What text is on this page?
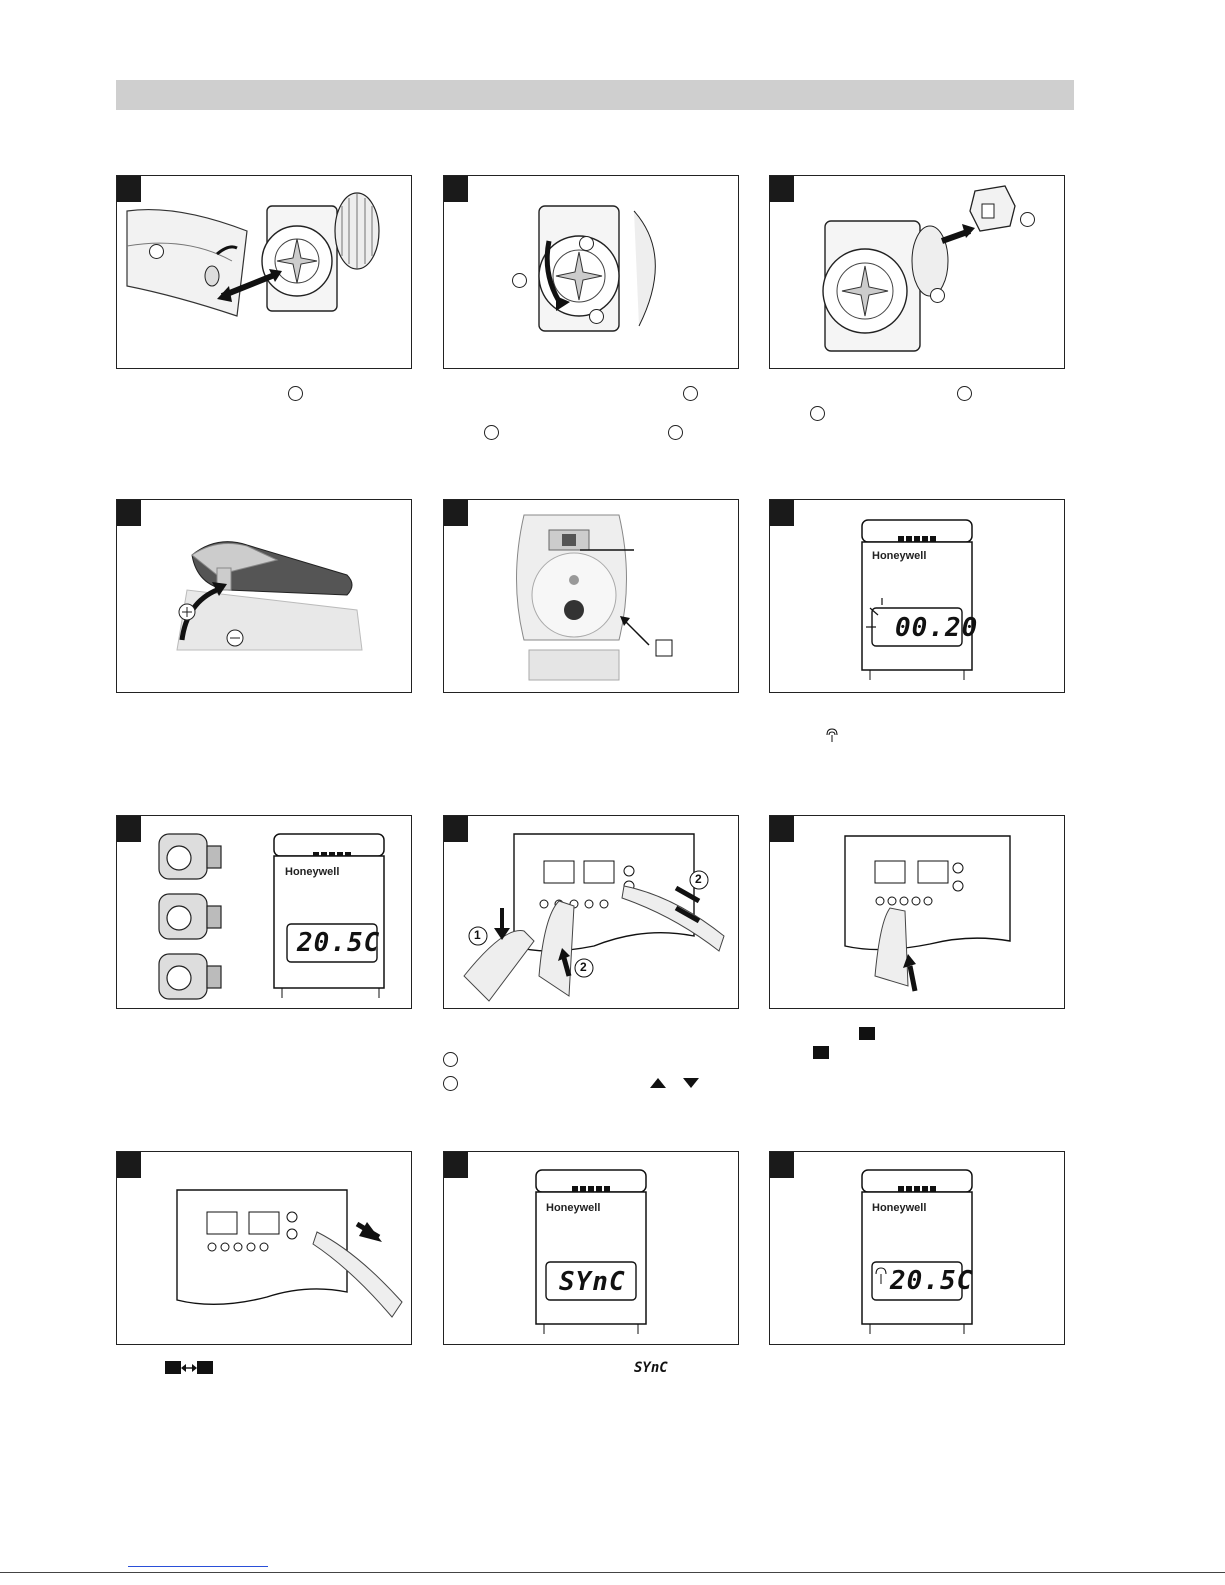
Honeywell
00.20
Honeywell
20.5C	1
2
2
Honeywell
SYnC
Honeywell
20.5C
SYnC
